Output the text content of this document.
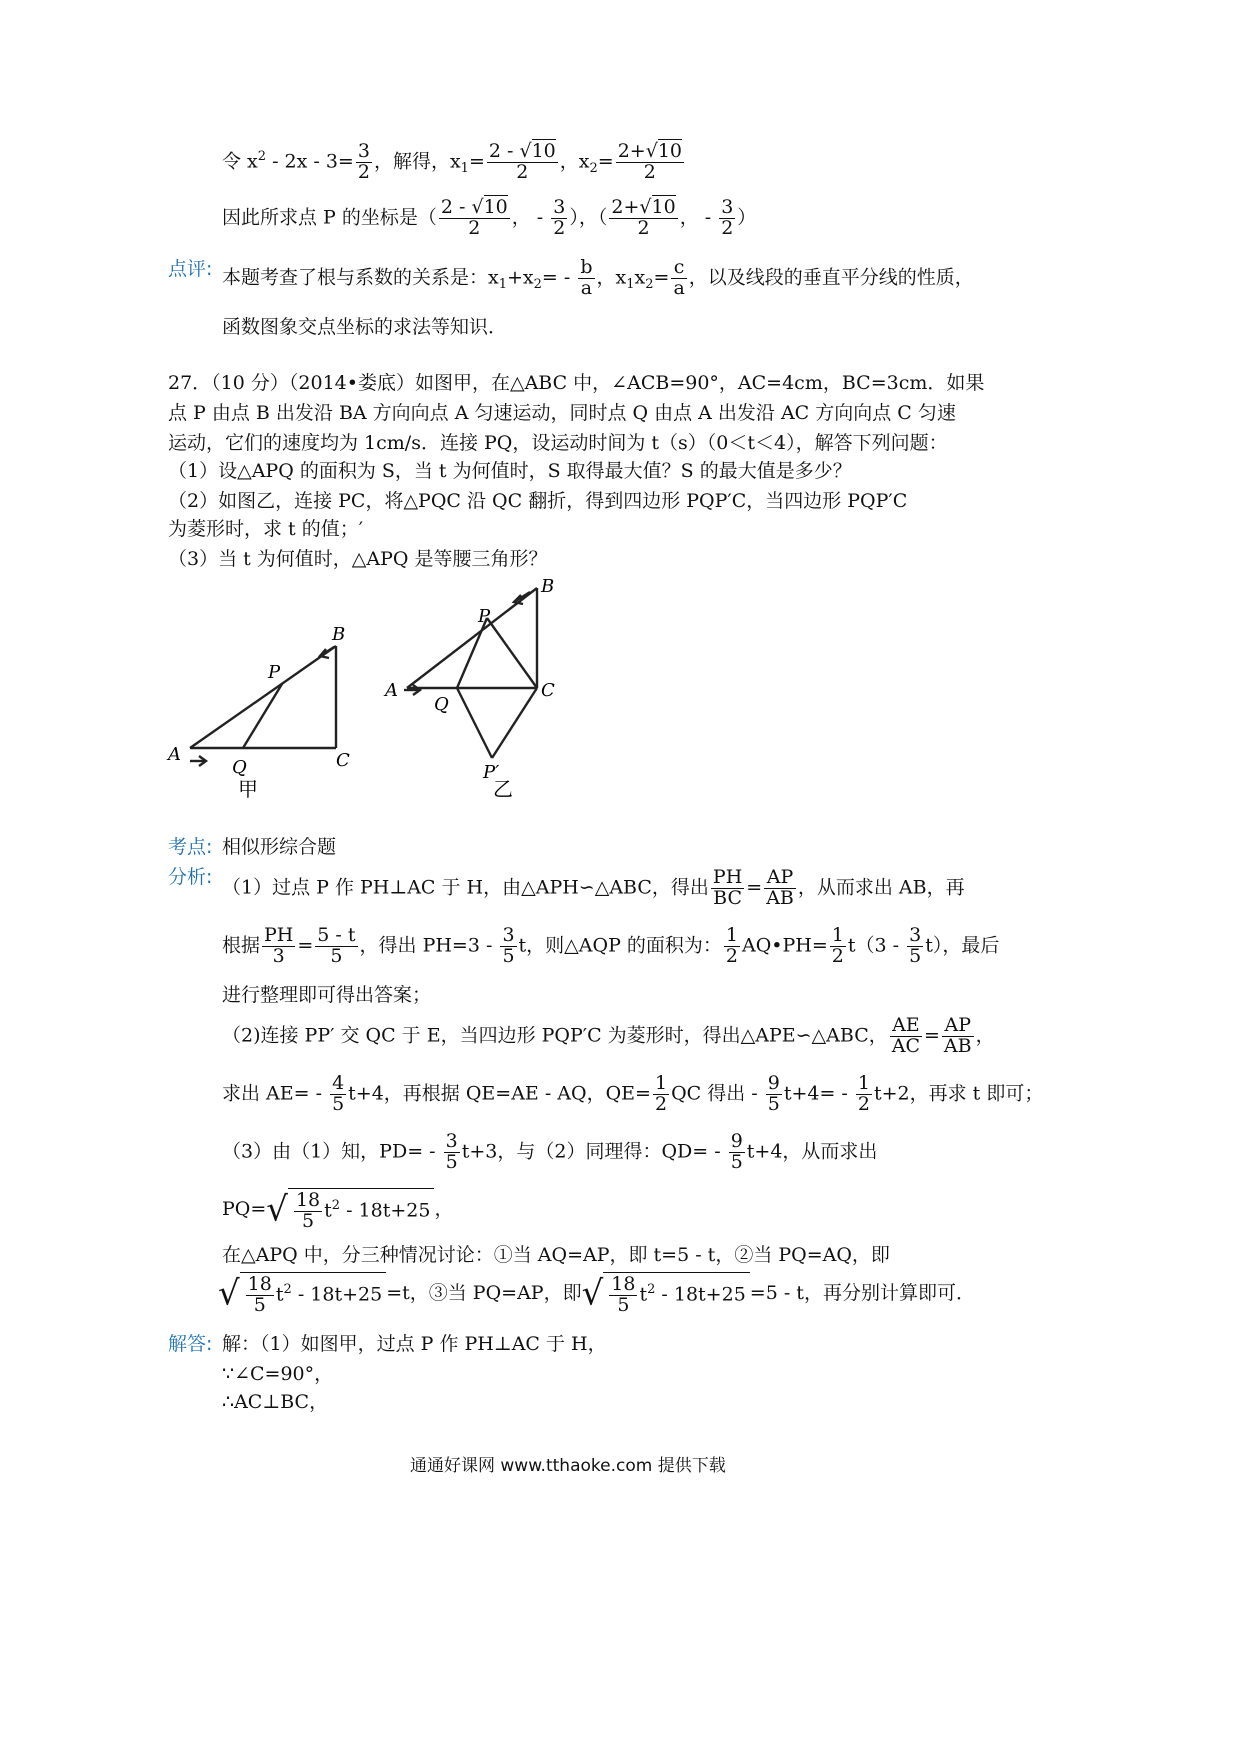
令 $x^2 - 2x - 3= \frac{3}{2}$ ，解得，$x_1= \frac{2 - √10}{2}$ ，$x_2= \frac{2+√10}{2}$
因此所求点 P 的坐标是（ $\frac{2 - √10}{2}$ ， - $\frac{3}{2}$ ），（ $\frac{2+√10}{2}$ ， - $\frac{3}{2}$ ）
点评: 本题考查了根与系数的关系是：$x_1+x_2= - \frac{b}{a}$ ，$x_1x_2= \frac{c}{a}$ ，以及线段的垂直平分线的性质，
函数图象交点坐标的求法等知识．
27．（10 分）（2014•娄底）如图甲，在△ABC 中，∠ACB=90°，AC=4cm，BC=3cm．如果
点 P 由点 B 出发沿 BA 方向向点 A 匀速运动，同时点 Q 由点 A 出发沿 AC 方向向点 C 匀速
运动，它们的速度均为 1cm/s．连接 PQ，设运动时间为 t（s）（0＜t＜4），解答下列问题：
（1）设△APQ 的面积为 S，当 t 为何值时，S 取得最大值？S 的最大值是多少？
（2）如图乙，连接 PC，将△PQC 沿 QC 翻折，得到四边形 PQP′C，当四边形 PQP′C
为菱形时，求 t 的值；′
（3）当 t 为何值时，△APQ 是等腰三角形？
A
B
C
P
Q
甲
A
B
C
P
Q
P′
乙
考点: 相似形综合题
分析: （1）过点 P 作 PH⊥AC 于 H，由△APH∽△ABC，得出 $\frac{PH}{BC} = \frac{AP}{AB}$ ，从而求出 AB，再
根据 $\frac{PH}{3} = \frac{5 - t}{5}$ ，得出 $PH=3 - \frac{3}{5}$ t，则△AQP 的面积为： $\frac{1}{2}$ AQ•PH= $\frac{1}{2} t(3 - \frac{3}{5} t)$，最后
进行整理即可得出答案；
（2)连接 PP′ 交 QC 于 E，当四边形 PQP′C 为菱形时，得出△APE∽△ABC， $\frac{AE}{AC} = \frac{AP}{AB}$ ，
求出 $AE= - \frac{4}{5} t+4$，再根据 QE=AE - AQ，$QE= \frac{1}{2}$ QC 得出 - $\frac{9}{5} t+4= - \frac{1}{2} t+2$，再求 t 即可；
（3）由（1）知，$PD= - \frac{3}{5} t+3$，与（2）同理得：$QD= - \frac{9}{5} t+4$，从而求出
$PQ=√ \frac{18}{5} t^2 - 18t+25$ ，
在△APQ 中，分三种情况讨论：①当 AQ=AP，即 t=5 - t，②当 PQ=AQ，即
√ $\frac{18}{5} t^2 - 18t+25 =t$，③当 PQ=AP，即√ $\frac{18}{5} t^2 - 18t+25 =5 - t$，再分别计算即可．
解答: 解：（1）如图甲，过点 P 作 PH⊥AC 于 H，
∵∠C=90°，
∴AC⊥BC，
通通好课网 www.tthaoke.com 提供下载
